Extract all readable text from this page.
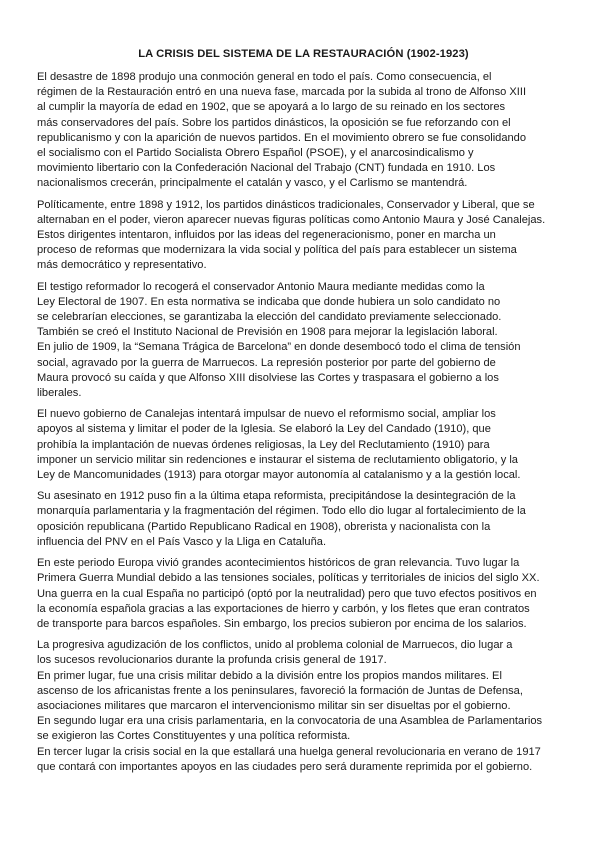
LA CRISIS DEL SISTEMA DE LA RESTAURACIÓN (1902-1923)
El desastre de 1898 produjo una conmoción general en todo el país. Como consecuencia, el
régimen de la Restauración entró en una nueva fase, marcada por la subida al trono de Alfonso XIII
al cumplir la mayoría de edad en 1902, que se apoyará a lo largo de su reinado en los sectores
más conservadores del país. Sobre los partidos dinásticos, la oposición se fue reforzando con el
republicanismo y con la aparición de nuevos partidos. En el movimiento obrero se fue consolidando
el socialismo con el Partido Socialista Obrero Español (PSOE), y el anarcosindicalismo y
movimiento libertario con la Confederación Nacional del Trabajo (CNT) fundada en 1910. Los
nacionalismos crecerán, principalmente el catalán y vasco, y el Carlismo se mantendrá.
Políticamente, entre 1898 y 1912, los partidos dinásticos tradicionales, Conservador y Liberal, que se
alternaban en el poder, vieron aparecer nuevas figuras políticas como Antonio Maura y José Canalejas.
Estos dirigentes intentaron, influidos por las ideas del regeneracionismo, poner en marcha un
proceso de reformas que modernizara la vida social y política del país para establecer un sistema
más democrático y representativo.
El testigo reformador lo recogerá el conservador Antonio Maura mediante medidas como la
Ley Electoral de 1907. En esta normativa se indicaba que donde hubiera un solo candidato no
se celebrarían elecciones, se garantizaba la elección del candidato previamente seleccionado.
También se creó el Instituto Nacional de Previsión en 1908 para mejorar la legislación laboral.
En julio de 1909, la “Semana Trágica de Barcelona” en donde desembocó todo el clima de tensión
social, agravado por la guerra de Marruecos. La represión posterior por parte del gobierno de
Maura provocó su caída y que Alfonso XIII disolviese las Cortes y traspasara el gobierno a los
liberales.
El nuevo gobierno de Canalejas intentará impulsar de nuevo el reformismo social, ampliar los
apoyos al sistema y limitar el poder de la Iglesia. Se elaboró la Ley del Candado (1910), que
prohibía la implantación de nuevas órdenes religiosas, la Ley del Reclutamiento (1910) para
imponer un servicio militar sin redenciones e instaurar el sistema de reclutamiento obligatorio, y la
Ley de Mancomunidades (1913) para otorgar mayor autonomía al catalanismo y a la gestión local.
Su asesinato en 1912 puso fin a la última etapa reformista, precipitándose la desintegración de la
monarquía parlamentaria y la fragmentación del régimen. Todo ello dio lugar al fortalecimiento de la
oposición republicana (Partido Republicano Radical en 1908), obrerista y nacionalista con la
influencia del PNV en el País Vasco y la Lliga en Cataluña.
En este periodo Europa vivió grandes acontecimientos históricos de gran relevancia. Tuvo lugar la
Primera Guerra Mundial debido a las tensiones sociales, políticas y territoriales de inicios del siglo XX.
Una guerra en la cual España no participó (optó por la neutralidad) pero que tuvo efectos positivos en
la economía española gracias a las exportaciones de hierro y carbón, y los fletes que eran contratos
de transporte para barcos españoles. Sin embargo, los precios subieron por encima de los salarios.
La progresiva agudización de los conflictos, unido al problema colonial de Marruecos, dio lugar a
los sucesos revolucionarios durante la profunda crisis general de 1917.
En primer lugar, fue una crisis militar debido a la división entre los propios mandos militares. El
ascenso de los africanistas frente a los peninsulares, favoreció la formación de Juntas de Defensa,
asociaciones militares que marcaron el intervencionismo militar sin ser disueltas por el gobierno.
En segundo lugar era una crisis parlamentaria, en la convocatoria de una Asamblea de Parlamentarios
se exigieron las Cortes Constituyentes y una política reformista.
En tercer lugar la crisis social en la que estallará una huelga general revolucionaria en verano de 1917
que contará con importantes apoyos en las ciudades pero será duramente reprimida por el gobierno.
